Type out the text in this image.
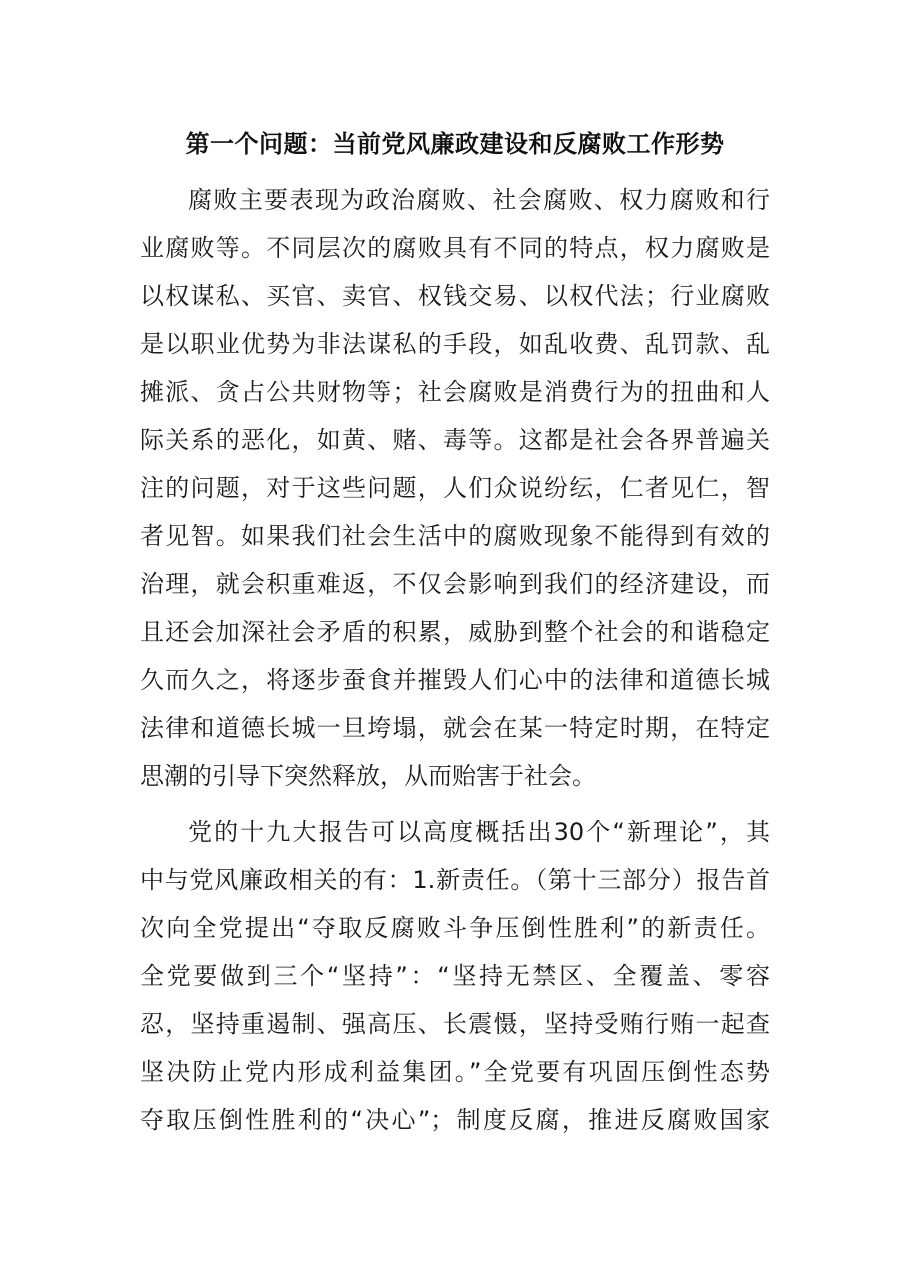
第一个问题：当前党风廉政建设和反腐败工作形势
腐败主要表现为政治腐败、社会腐败、权力腐败和行
业腐败等。不同层次的腐败具有不同的特点，权力腐败是
以权谋私、买官、卖官、权钱交易、以权代法；行业腐败
是以职业优势为非法谋私的手段，如乱收费、乱罚款、乱
摊派、贪占公共财物等；社会腐败是消费行为的扭曲和人
际关系的恶化，如黄、赌、毒等。这都是社会各界普遍关
注的问题，对于这些问题，人们众说纷纭，仁者见仁，智
者见智。如果我们社会生活中的腐败现象不能得到有效的
治理，就会积重难返，不仅会影响到我们的经济建设，而
且还会加深社会矛盾的积累，威胁到整个社会的和谐稳定
久而久之，将逐步蚕食并摧毁人们心中的法律和道德长城
法律和道德长城一旦垮塌，就会在某一特定时期，在特定
思潮的引导下突然释放，从而贻害于社会。
党的十九大报告可以高度概括出30个“新理论”，其
中与党风廉政相关的有：1.新责任。（第十三部分）报告首
次向全党提出“夺取反腐败斗争压倒性胜利”的新责任。
全党要做到三个“坚持”：“坚持无禁区、全覆盖、零容
忍，坚持重遏制、强高压、长震慑，坚持受贿行贿一起查
坚决防止党内形成利益集团。”全党要有巩固压倒性态势
夺取压倒性胜利的“决心”；制度反腐，推进反腐败国家
